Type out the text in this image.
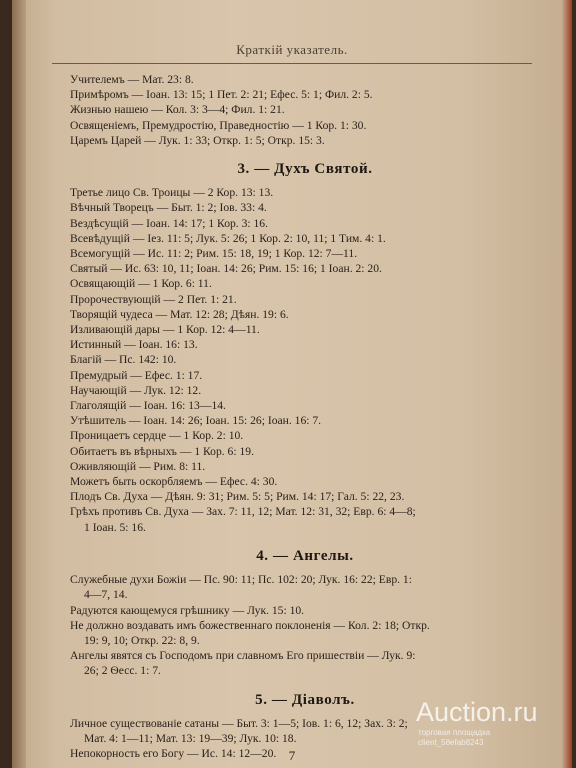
Краткій указатель.
Учителемъ — Мат. 23: 8.
Примѣромъ — Іоан. 13: 15; 1 Пет. 2: 21; Ефес. 5: 1; Фил. 2: 5.
Жизнью нашею — Кол. 3: 3—4; Фил. 1: 21.
Освященіемъ, Премудростію, Праведностію — 1 Кор. 1: 30.
Царемъ Царей — Лук. 1: 33; Откр. 1: 5; Откр. 15: 3.
3. — Духъ Святой.
Третье лицо Св. Троицы — 2 Кор. 13: 13.
Вѣчный Творецъ — Быт. 1: 2; Іов. 33: 4.
Вездѣсущій — Іоан. 14: 17; 1 Кор. 3: 16.
Всевѣдущій — Іез. 11: 5; Лук. 5: 26; 1 Кор. 2: 10, 11; 1 Тим. 4: 1.
Всемогущій — Ис. 11: 2; Рим. 15: 18, 19; 1 Кор. 12: 7—11.
Святый — Ис. 63: 10, 11; Іоан. 14: 26; Рим. 15: 16; 1 Іоан. 2: 20.
Освящающій — 1 Кор. 6: 11.
Пророчествующій — 2 Пет. 1: 21.
Творящій чудеса — Мат. 12: 28; Дѣян. 19: 6.
Изливающій дары — 1 Кор. 12: 4—11.
Истинный — Іоан. 16: 13.
Благій — Пс. 142: 10.
Премудрый — Ефес. 1: 17.
Научающій — Лук. 12: 12.
Глаголящій — Іоан. 16: 13—14.
Утѣшитель — Іоан. 14: 26; Іоан. 15: 26; Іоан. 16: 7.
Проницаетъ сердце — 1 Кор. 2: 10.
Обитаетъ въ вѣрныхъ — 1 Кор. 6: 19.
Оживляющій — Рим. 8: 11.
Можетъ быть оскорбляемъ — Ефес. 4: 30.
Плодъ Св. Духа — Дѣян. 9: 31; Рим. 5: 5; Рим. 14: 17; Гал. 5: 22, 23.
Грѣхъ противъ Св. Духа — Зах. 7: 11, 12; Мат. 12: 31, 32; Евр. 6: 4—8;
1 Іоан. 5: 16.
4. — Ангелы.
Служебные духи Божіи — Пс. 90: 11; Пс. 102: 20; Лук. 16: 22; Евр. 1:
4—7, 14.
Радуются кающемуся грѣшнику — Лук. 15: 10.
Не должно воздавать имъ божественнаго поклоненія — Кол. 2: 18; Откр.
19: 9, 10; Откр. 22: 8, 9.
Ангелы явятся съ Господомъ при славномъ Его пришествіи — Лук. 9:
26; 2 Ѳесс. 1: 7.
5. — Діаволъ.
Личное существованіе сатаны — Быт. 3: 1—5; Іов. 1: 6, 12; Зах. 3: 2;
Мат. 4: 1—11; Мат. 13: 19—39; Лук. 10: 18.
Непокорность его Богу — Ис. 14: 12—20. 7
Auction.ru
торговая площадка
client_58efab8243
